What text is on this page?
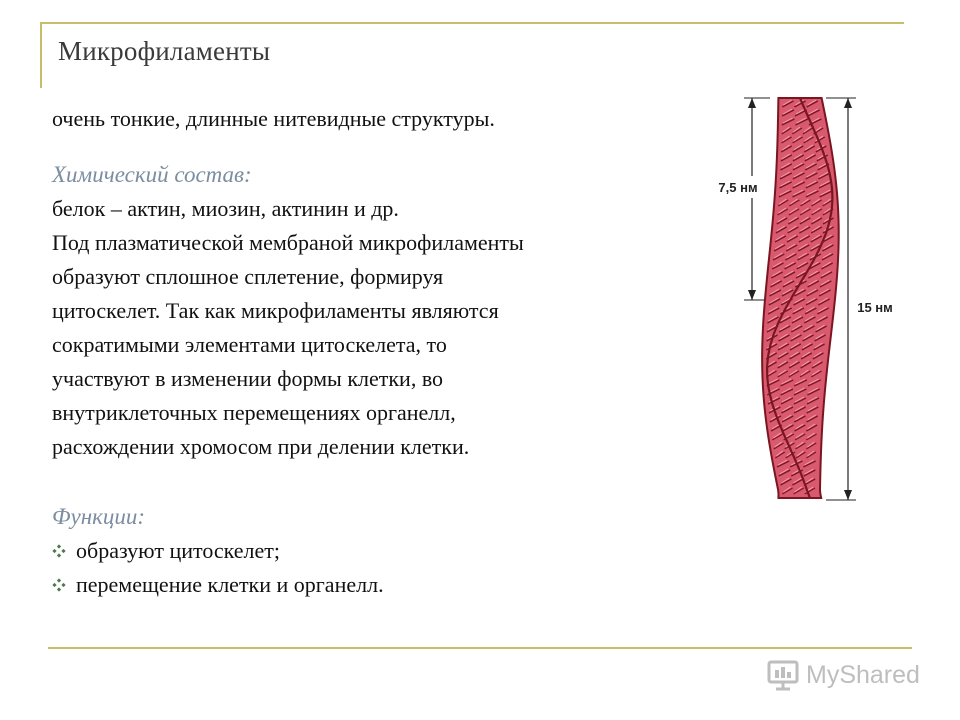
Микрофиламенты

очень тонкие, длинные нитевидные структуры.

Химический состав:

белок – актин, миозин, актинин и др.

Под плазматической мембраной микрофиламенты

образуют сплошное сплетение, формируя

цитоскелет. Так как микрофиламенты являются

сократимыми элементами цитоскелета, то

участвуют в изменении формы клетки, во

внутриклеточных перемещениях органелл,

расхождении хромосом при делении клетки.

Функции:

образуют цитоскелет;
перемещение клетки и органелл.
7,5 нм
15 нм
MyShared
